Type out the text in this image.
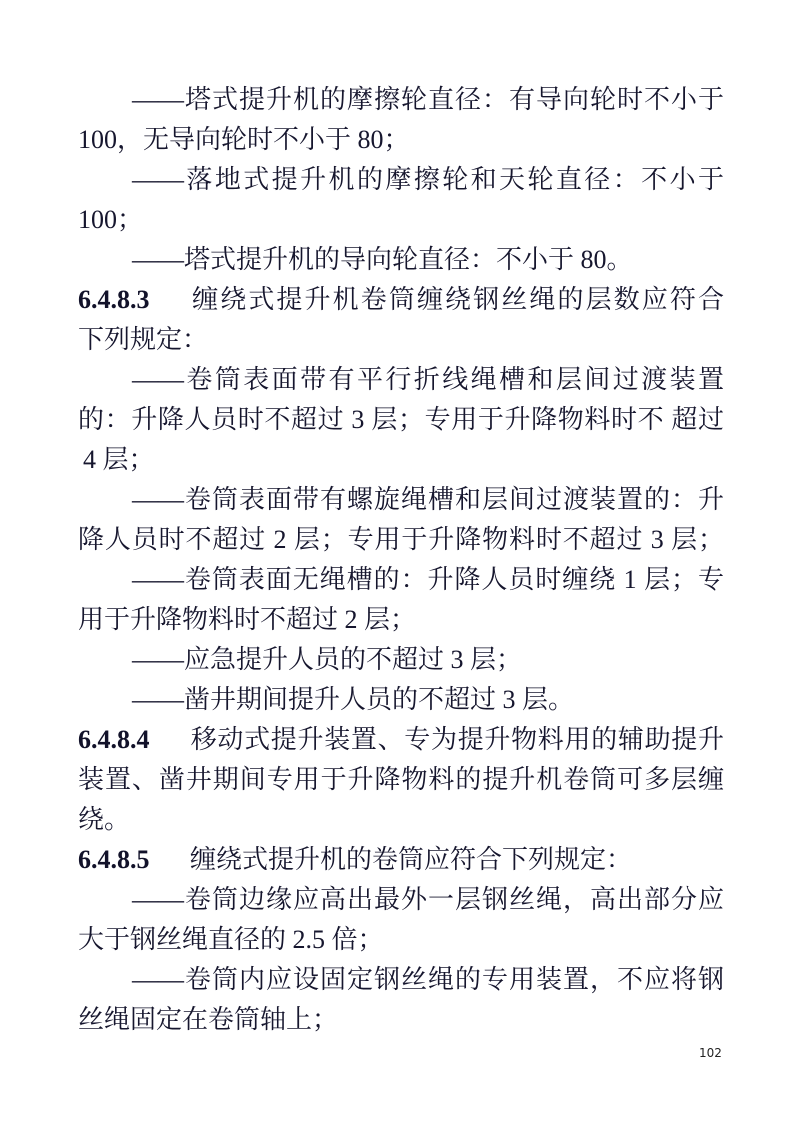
——塔式提升机的摩擦轮直径：有导向轮时不小于
100，无导向轮时不小于 80；
——落地式提升机的摩擦轮和天轮直径：不小于
100；
——塔式提升机的导向轮直径：不小于 80。
6.4.8.3 缠绕式提升机卷筒缠绕钢丝绳的层数应符合
下列规定：
——卷筒表面带有平行折线绳槽和层间过渡装置
的：升降人员时不超过 3 层；专用于升降物料时不 超过
4 层；
——卷筒表面带有螺旋绳槽和层间过渡装置的：升
降人员时不超过 2 层；专用于升降物料时不超过 3 层；
——卷筒表面无绳槽的：升降人员时缠绕 1 层；专
用于升降物料时不超过 2 层；
——应急提升人员的不超过 3 层；
——凿井期间提升人员的不超过 3 层。
6.4.8.4 移动式提升装置、专为提升物料用的辅助提升
装置、凿井期间专用于升降物料的提升机卷筒可多层缠
绕。
6.4.8.5 缠绕式提升机的卷筒应符合下列规定：
——卷筒边缘应高出最外一层钢丝绳，高出部分应
大于钢丝绳直径的 2.5 倍；
——卷筒内应设固定钢丝绳的专用装置，不应将钢
丝绳固定在卷筒轴上；
102
